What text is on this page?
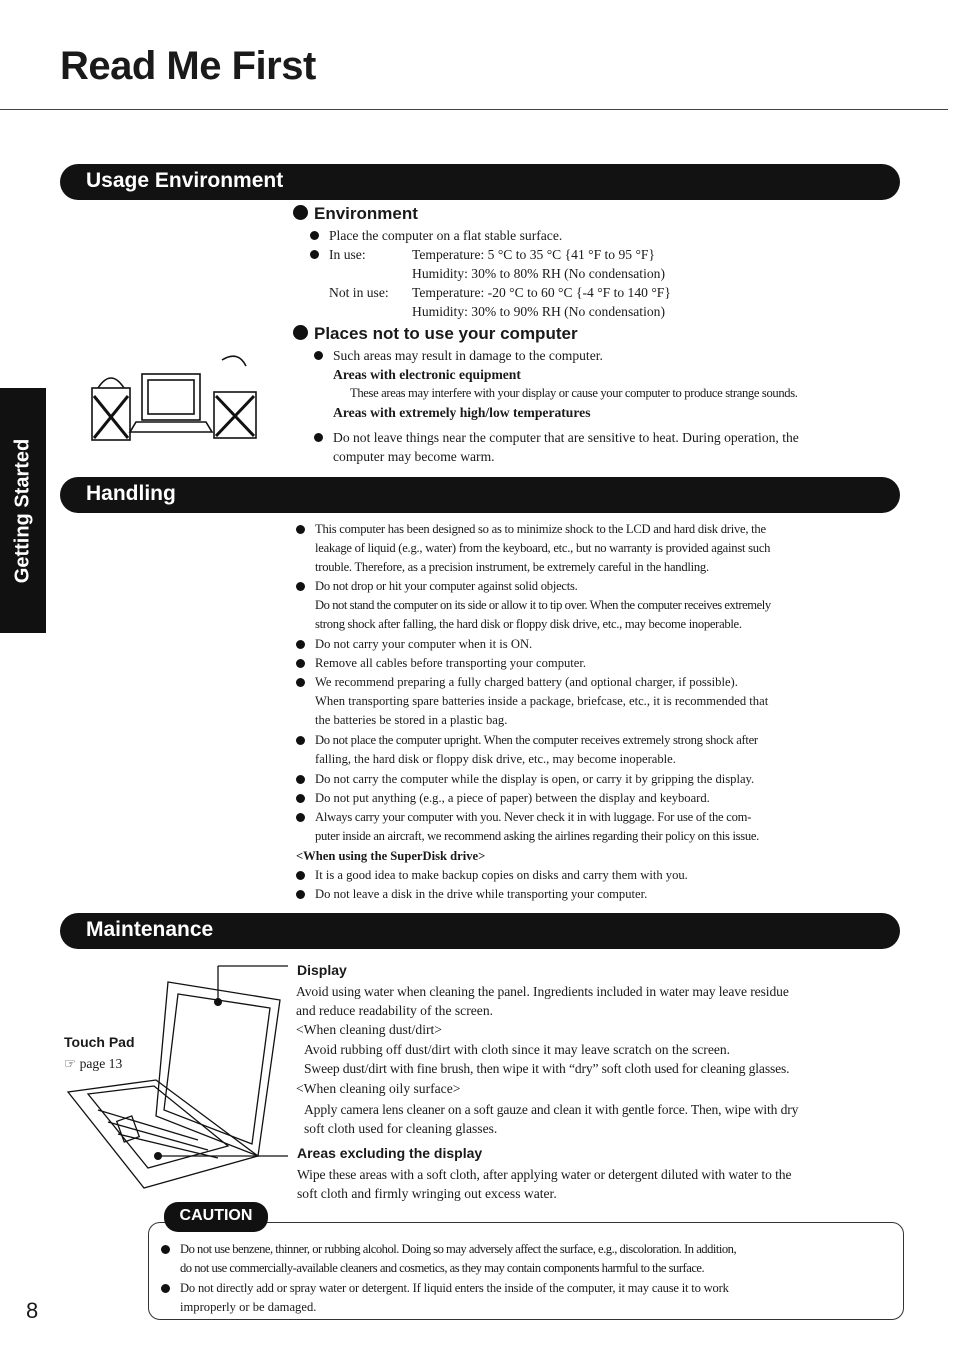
Read Me First
Getting Started
Usage Environment
Environment
Place the computer on a flat stable surface.
In use:	Temperature: 5 °C to 35 °C {41 °F to 95 °F}
Humidity: 30% to 80% RH (No condensation)
Not in use: Temperature: -20 °C to 60 °C {-4 °F to 140 °F}
Humidity: 30% to 90% RH (No condensation)
Places not to use your computer
Such areas may result in damage to the computer.
Areas with electronic equipment
These areas may interfere with your display or cause your computer to produce strange sounds.
Areas with extremely high/low temperatures
Do not leave things near the computer that are sensitive to heat. During operation, the
computer may become warm.
Handling
This computer has been designed so as to minimize shock to the LCD and hard disk drive, the
leakage of liquid (e.g., water) from the keyboard, etc., but no warranty is provided against such
trouble. Therefore, as a precision instrument, be extremely careful in the handling.
Do not drop or hit your computer against solid objects.
Do not stand the computer on its side or allow it to tip over. When the computer receives extremely
strong shock after falling, the hard disk or floppy disk drive, etc., may become inoperable.
Do not carry your computer when it is ON.
Remove all cables before transporting your computer.
We recommend preparing a fully charged battery (and optional charger, if possible).
When transporting spare batteries inside a package, briefcase, etc., it is recommended that
the batteries be stored in a plastic bag.
Do not place the computer upright. When the computer receives extremely strong shock after
falling, the hard disk or floppy disk drive, etc., may become inoperable.
Do not carry the computer while the display is open, or carry it by gripping the display.
Do not put anything (e.g., a piece of paper) between the display and keyboard.
Always carry your computer with you. Never check it in with luggage. For use of the com-
puter inside an aircraft, we recommend asking the airlines regarding their policy on this issue.
<When using the SuperDisk drive>
It is a good idea to make backup copies on disks and carry them with you.
Do not leave a disk in the drive while transporting your computer.
Maintenance
Touch Pad
☞ page 13
Display
Avoid using water when cleaning the panel. Ingredients included in water may leave residue
and reduce readability of the screen.
<When cleaning dust/dirt>
Avoid rubbing off dust/dirt with cloth since it may leave scratch on the screen.
Sweep dust/dirt with fine brush, then wipe it with “dry” soft cloth used for cleaning glasses.
<When cleaning oily surface>
Apply camera lens cleaner on a soft gauze and clean it with gentle force. Then, wipe with dry
soft cloth used for cleaning glasses.
Areas excluding the display
Wipe these areas with a soft cloth, after applying water or detergent diluted with water to the
soft cloth and firmly wringing out excess water.
CAUTION
Do not use benzene, thinner, or rubbing alcohol. Doing so may adversely affect the surface, e.g., discoloration. In addition,
do not use commercially-available cleaners and cosmetics, as they may contain components harmful to the surface.
Do not directly add or spray water or detergent. If liquid enters the inside of the computer, it may cause it to work
improperly or be damaged.
8
